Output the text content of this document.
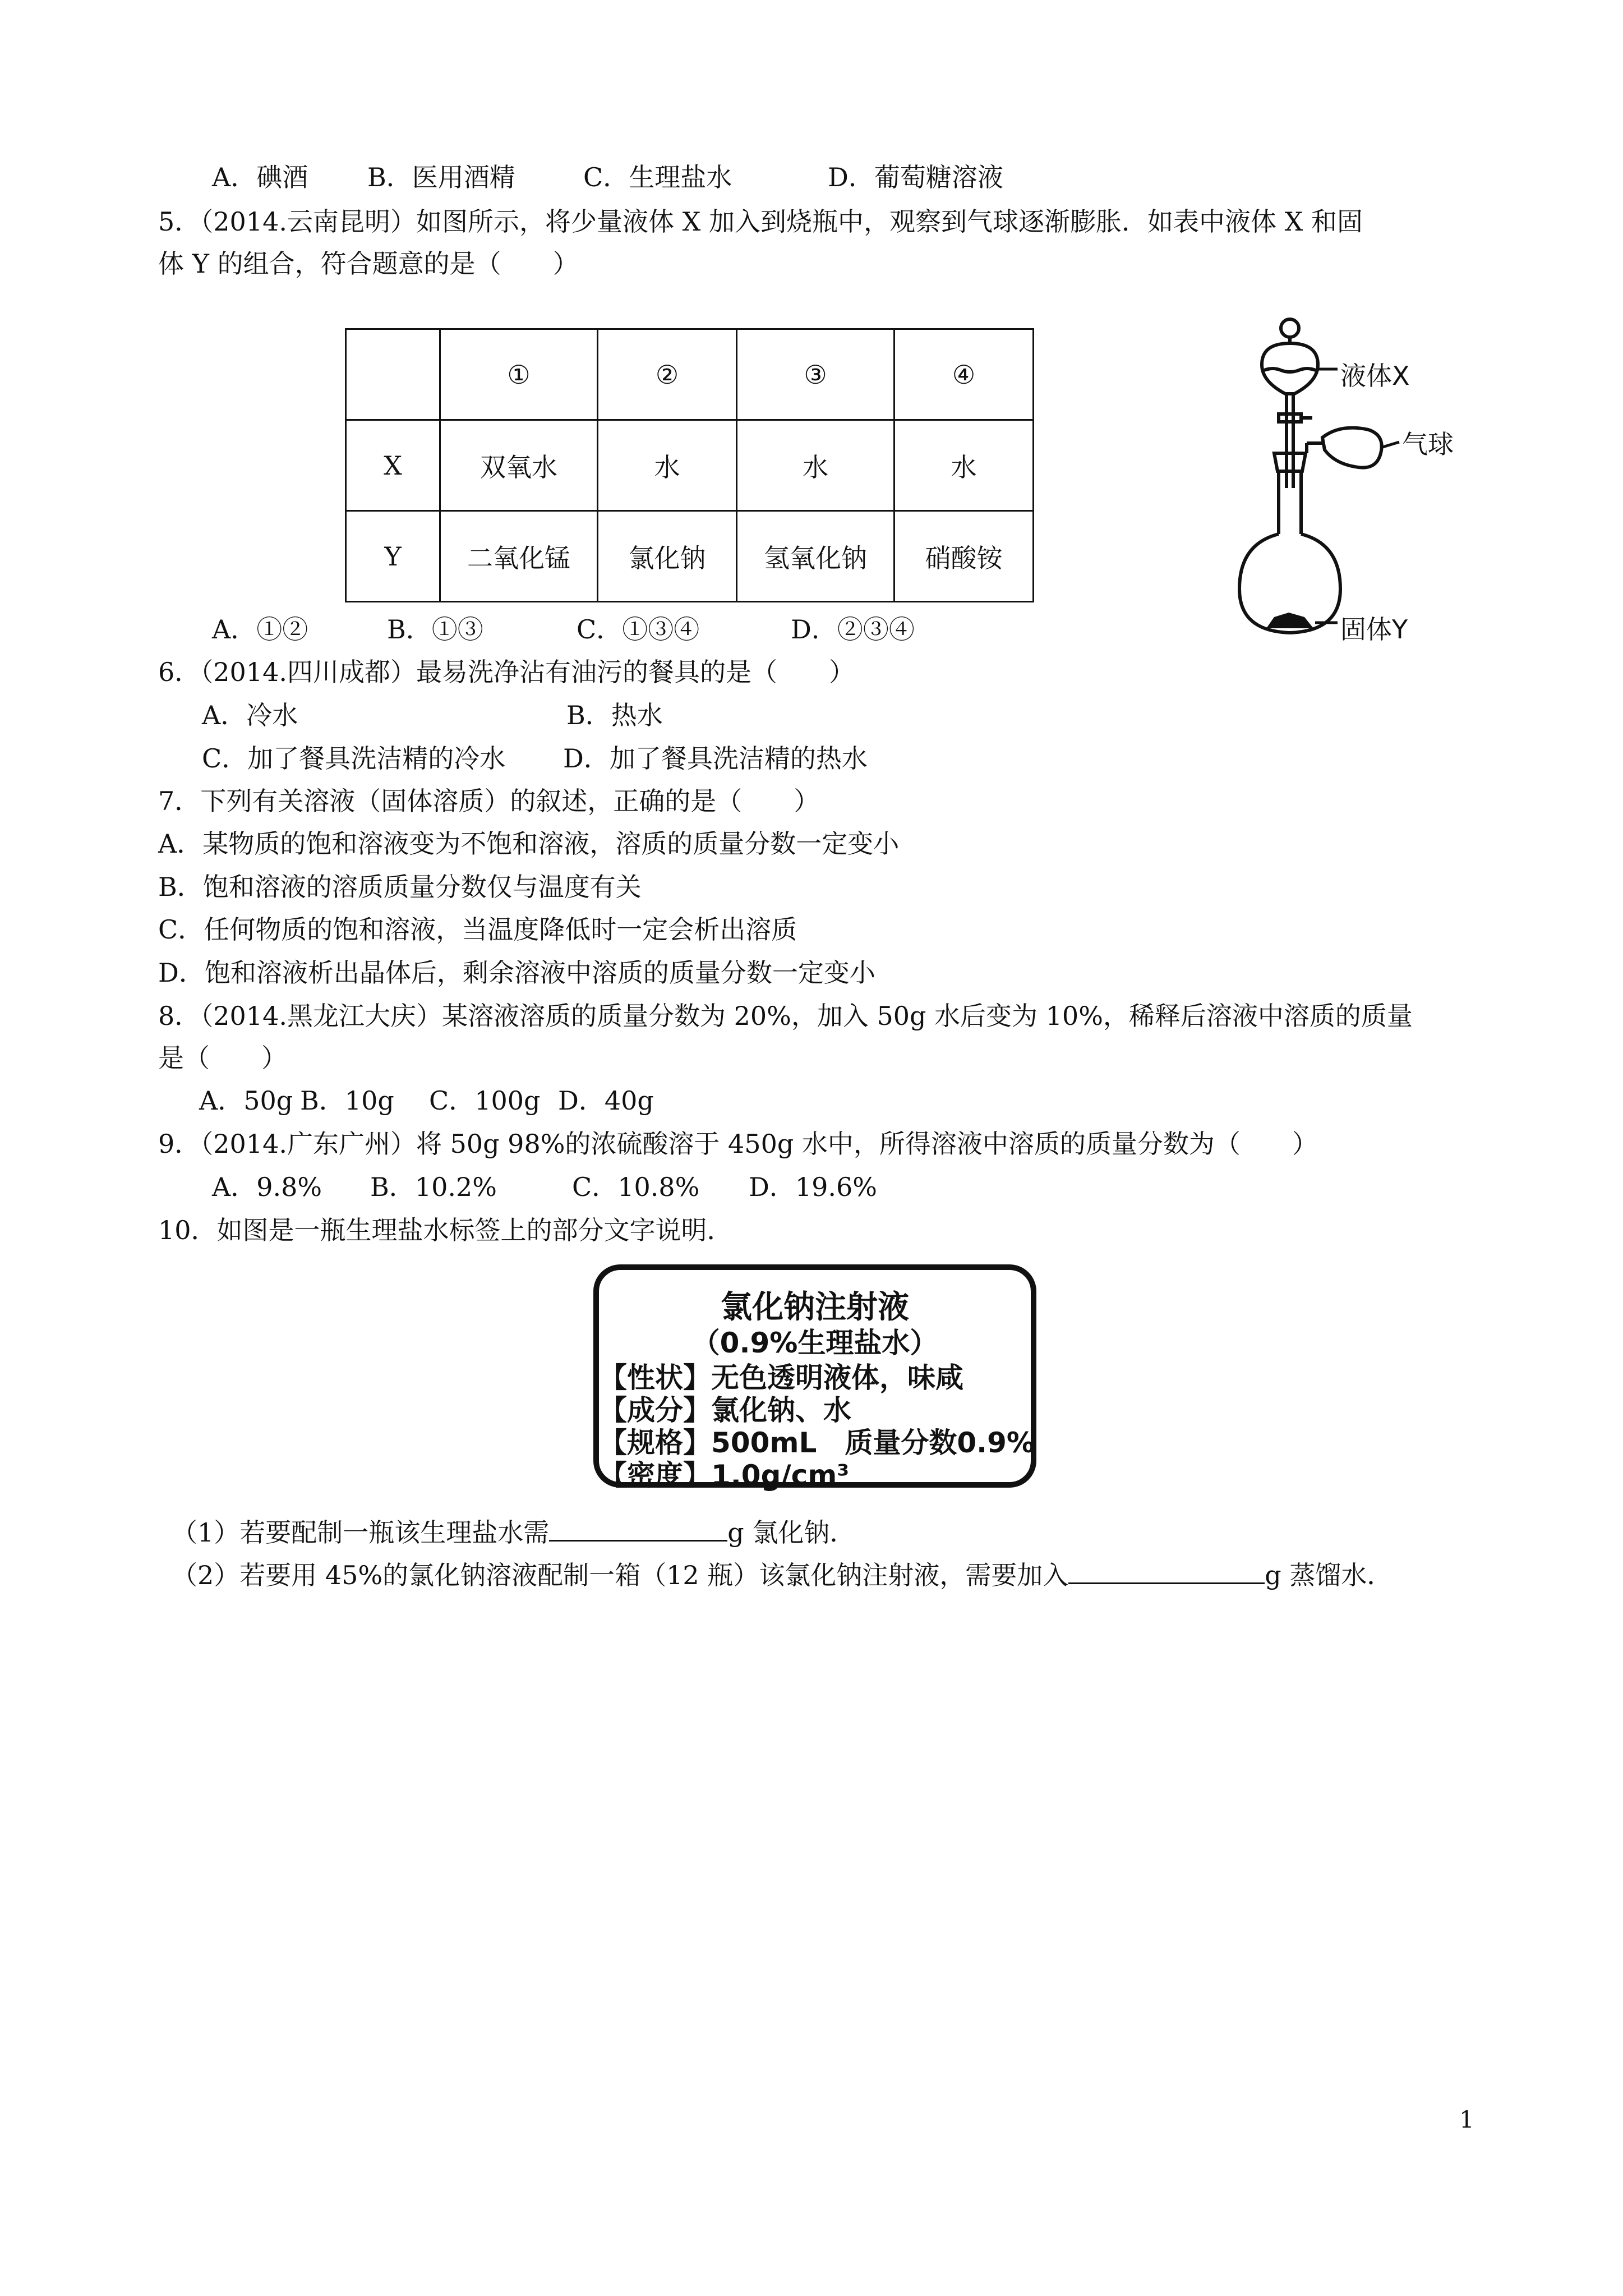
A．碘酒 B．医用酒精	C．生理盐水	D．葡萄糖溶液
5．（2014.云南昆明）如图所示，将少量液体 X 加入到烧瓶中，观察到气球逐渐膨胀．如表中液体 X 和固
体 Y 的组合，符合题意的是（　　）
	①	②	③	④
X	双氧水	水	水	水
Y	二氧化锰	氯化钠	氢氧化钠	硝酸铵
液体X
气球
固体Y
A．①②	B．①③	C．①③④	D．②③④
6．（2014.四川成都）最易洗净沾有油污的餐具的是（　　）
A．冷水	B．热水
C．加了餐具洗洁精的冷水 D．加了餐具洗洁精的热水
7．下列有关溶液（固体溶质）的叙述，正确的是（　　）
A．某物质的饱和溶液变为不饱和溶液，溶质的质量分数一定变小
B．饱和溶液的溶质质量分数仅与温度有关
C．任何物质的饱和溶液，当温度降低时一定会析出溶质
D．饱和溶液析出晶体后，剩余溶液中溶质的质量分数一定变小
8．（2014.黑龙江大庆）某溶液溶质的质量分数为 20%，加入 50g 水后变为 10%，稀释后溶液中溶质的质量
是（　　）
A．50g B．10g C．100g D．40g
9．（2014.广东广州）将 50g 98%的浓硫酸溶于 450g 水中，所得溶液中溶质的质量分数为（　　）
A．9.8% B．10.2%	C．10.8% D．19.6%
10．如图是一瓶生理盐水标签上的部分文字说明．
氯化钠注射液
（0.9%生理盐水）
【性状】无色透明液体，味咸
【成分】氯化钠、水
【规格】500mL　质量分数0.9%
【密度】1.0g/cm³
（1）若要配制一瓶该生理盐水需	g 氯化钠．
（2）若要用 45%的氯化钠溶液配制一箱（12 瓶）该氯化钠注射液，需要加入	g 蒸馏水．
1
